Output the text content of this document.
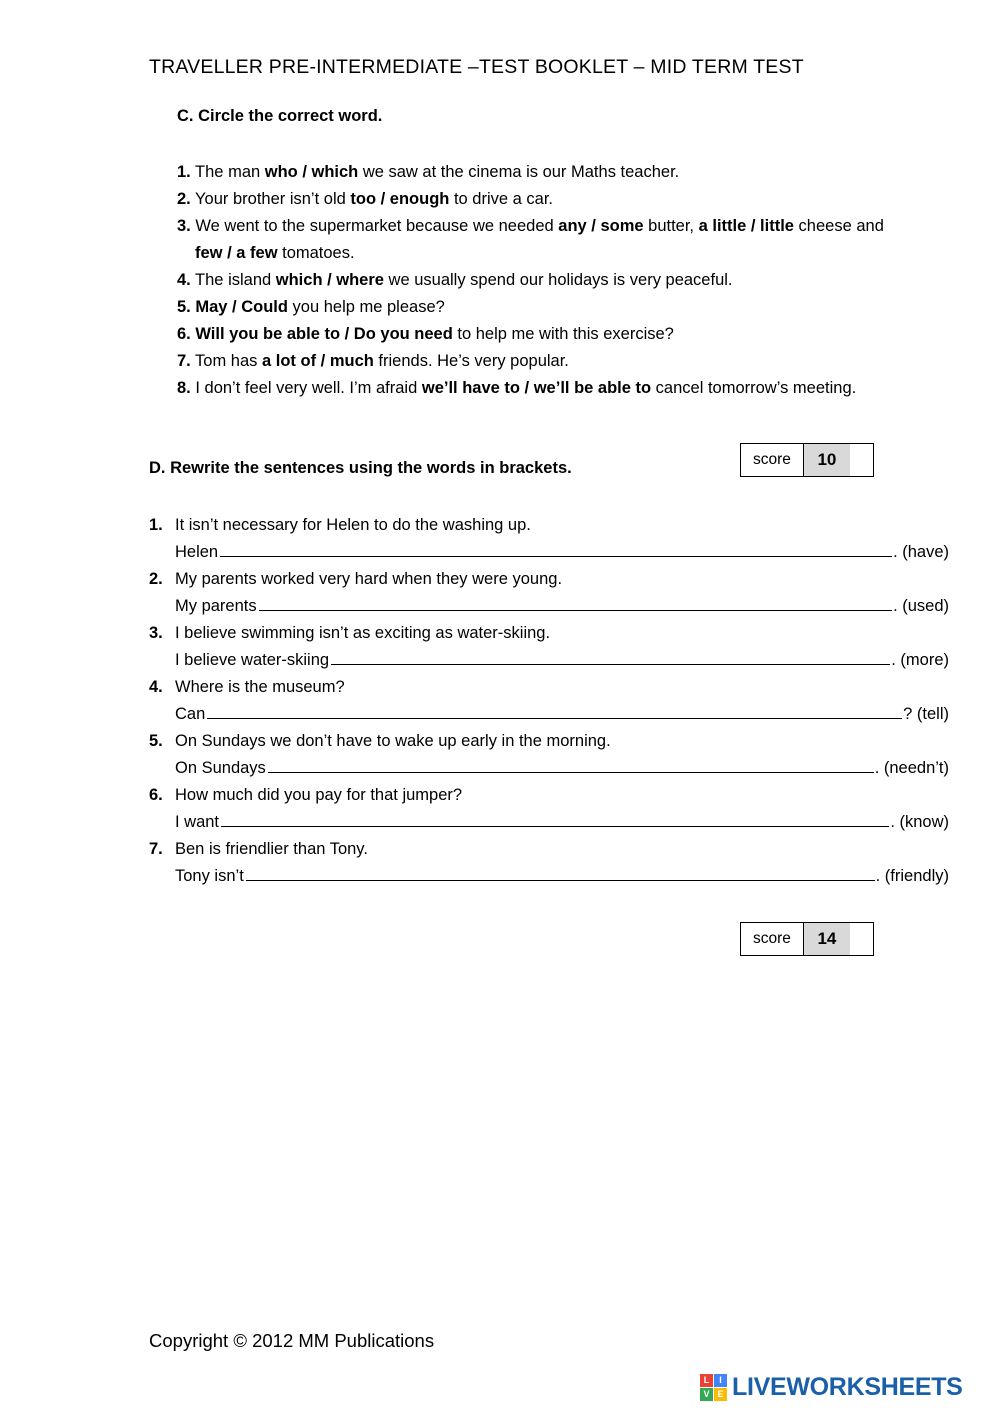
TRAVELLER PRE-INTERMEDIATE –TEST BOOKLET – MID TERM TEST
C. Circle the correct word.
1. The man who / which we saw at the cinema is our Maths teacher.
2. Your brother isn’t old too / enough to drive a car.
3. We went to the supermarket because we needed any / some butter, a little / little cheese and
few / a few tomatoes.
4. The island which / where we usually spend our holidays is very peaceful.
5. May / Could you help me please?
6. Will you be able to / Do you need to help me with this exercise?
7. Tom has a lot of / much friends. He’s very popular.
8. I don’t feel very well. I’m afraid we’ll have to / we’ll be able to cancel tomorrow’s meeting.
D. Rewrite the sentences using the words in brackets.	score	10
1. It isn’t necessary for Helen to do the washing up.
Helen	. (have)
2. My parents worked very hard when they were young.
My parents	. (used)
3. I believe swimming isn’t as exciting as water-skiing.
I believe water-skiing	. (more)
4. Where is the museum?
Can	? (tell)
5. On Sundays we don’t have to wake up early in the morning.
On Sundays	. (needn’t)
6. How much did you pay for that jumper?
I want	. (know)
7. Ben is friendlier than Tony.
Tony isn’t	. (friendly)
score	14
Copyright © 2012 MM Publications
L	I
V E LIVEWORKSHEETS
